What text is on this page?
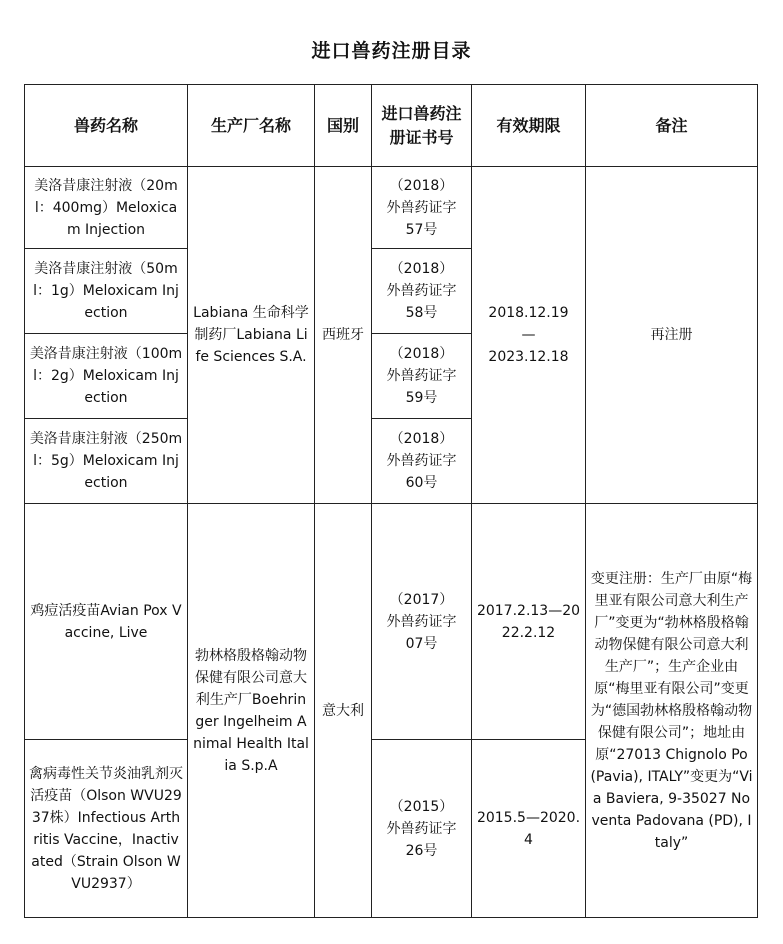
进口兽药注册目录
兽药名称	生产厂名称	国别	进口兽药注册证书号	有效期限	备注
美洛昔康注射液（20ml：400mg）Meloxicam Injection	Labiana 生命科学制药厂Labiana Life Sciences S.A.	西班牙	（2018）
外兽药证字
57号	2018.12.19
—
2023.12.18	再注册
美洛昔康注射液（50ml：1g）Meloxicam Injection			（2018）
外兽药证字
58号		

美洛昔康注射液（100ml：2g）Meloxicam Injection			（2018）
外兽药证字
59号		

美洛昔康注射液（250ml：5g）Meloxicam Injection			（2018）
外兽药证字
60号		

鸡痘活疫苗Avian Pox Vaccine, Live	勃林格殷格翰动物保健有限公司意大利生产厂Boehringer Ingelheim Animal Health Italia S.p.A	意大利	（2017）
外兽药证字
07号	2017.2.13—2022.2.12	变更注册：生产厂由原“梅里亚有限公司意大利生产厂”变更为“勃林格殷格翰动物保健有限公司意大利生产厂”；生产企业由原“梅里亚有限公司”变更为“德国勃林格殷格翰动物保健有限公司”；地址由原“27013 Chignolo Po(Pavia), ITALY”变更为“Via Baviera, 9-35027 Noventa Padovana (PD), Italy”
禽病毒性关节炎油乳剂灭活疫苗（Olson WVU2937株）Infectious Arthritis Vaccine，Inactivated（Strain Olson WVU2937）			（2015）
外兽药证字
26号	2015.5—2020.4	
